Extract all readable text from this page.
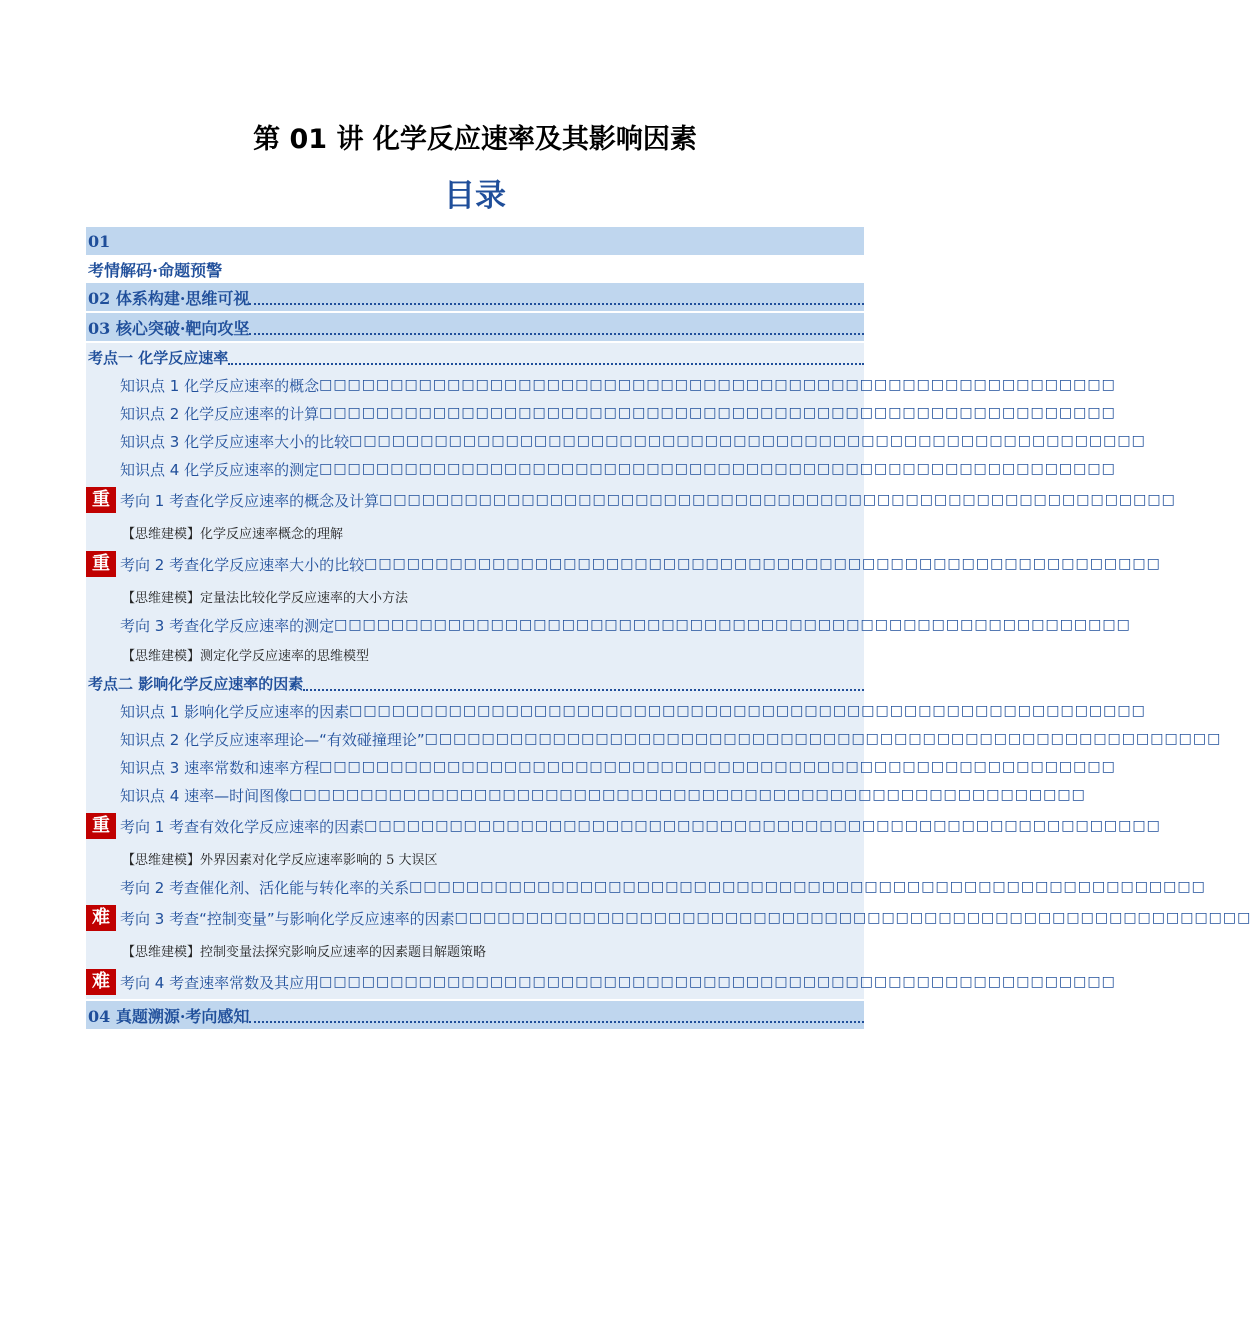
第 01 讲 化学反应速率及其影响因素
目录
01
考情解码·命题预警
02 体系构建·思维可视
03 核心突破·靶向攻坚
考点一 化学反应速率
知识点 1 化学反应速率的概念 □□□□□□□□□□□□□□□□□□□□□□□□□□□□□□□□□□□□□□□□□□□□□□□□□□□□□□□□
知识点 2 化学反应速率的计算 □□□□□□□□□□□□□□□□□□□□□□□□□□□□□□□□□□□□□□□□□□□□□□□□□□□□□□□□
知识点 3 化学反应速率大小的比较 □□□□□□□□□□□□□□□□□□□□□□□□□□□□□□□□□□□□□□□□□□□□□□□□□□□□□□□□
知识点 4 化学反应速率的测定 □□□□□□□□□□□□□□□□□□□□□□□□□□□□□□□□□□□□□□□□□□□□□□□□□□□□□□□□
重 考向 1 考查化学反应速率的概念及计算 □□□□□□□□□□□□□□□□□□□□□□□□□□□□□□□□□□□□□□□□□□□□□□□□□□□□□□□□
【思维建模】化学反应速率概念的理解
重 考向 2 考查化学反应速率大小的比较 □□□□□□□□□□□□□□□□□□□□□□□□□□□□□□□□□□□□□□□□□□□□□□□□□□□□□□□□
【思维建模】定量法比较化学反应速率的大小方法
考向 3 考查化学反应速率的测定 □□□□□□□□□□□□□□□□□□□□□□□□□□□□□□□□□□□□□□□□□□□□□□□□□□□□□□□□
【思维建模】测定化学反应速率的思维模型
考点二 影响化学反应速率的因素
知识点 1 影响化学反应速率的因素 □□□□□□□□□□□□□□□□□□□□□□□□□□□□□□□□□□□□□□□□□□□□□□□□□□□□□□□□
知识点 2 化学反应速率理论—“有效碰撞理论” □□□□□□□□□□□□□□□□□□□□□□□□□□□□□□□□□□□□□□□□□□□□□□□□□□□□□□□□
知识点 3 速率常数和速率方程 □□□□□□□□□□□□□□□□□□□□□□□□□□□□□□□□□□□□□□□□□□□□□□□□□□□□□□□□
知识点 4 速率—时间图像 □□□□□□□□□□□□□□□□□□□□□□□□□□□□□□□□□□□□□□□□□□□□□□□□□□□□□□□□
重 考向 1 考查有效化学反应速率的因素 □□□□□□□□□□□□□□□□□□□□□□□□□□□□□□□□□□□□□□□□□□□□□□□□□□□□□□□□
【思维建模】外界因素对化学反应速率影响的 5 大误区
考向 2 考查催化剂、活化能与转化率的关系 □□□□□□□□□□□□□□□□□□□□□□□□□□□□□□□□□□□□□□□□□□□□□□□□□□□□□□□□
难 考向 3 考查“控制变量”与影响化学反应速率的因素 □□□□□□□□□□□□□□□□□□□□□□□□□□□□□□□□□□□□□□□□□□□□□□□□□□□□□□□□
【思维建模】控制变量法探究影响反应速率的因素题目解题策略
难 考向 4 考查速率常数及其应用 □□□□□□□□□□□□□□□□□□□□□□□□□□□□□□□□□□□□□□□□□□□□□□□□□□□□□□□□
04 真题溯源·考向感知
